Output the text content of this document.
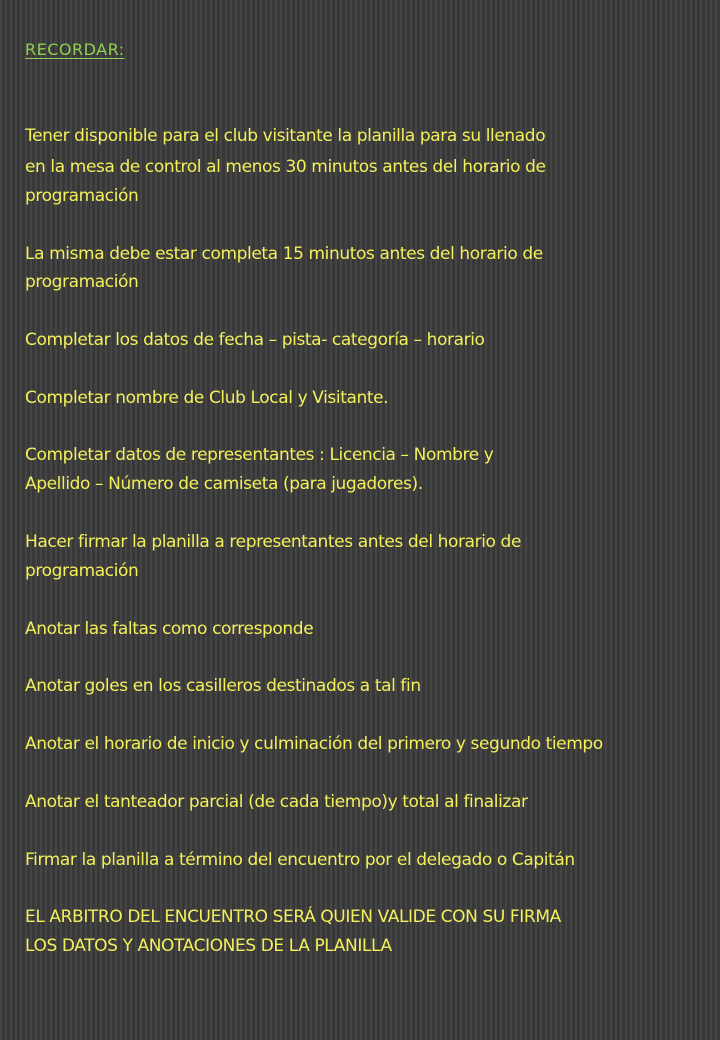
RECORDAR:
Tener disponible para el club visitante la planilla para su llenado
en la mesa de control al menos 30 minutos antes del horario de
programación
La misma debe estar completa 15 minutos antes del horario de
programación
Completar los datos de fecha – pista- categoría – horario
Completar nombre de Club Local y Visitante.
Completar datos de representantes : Licencia – Nombre y
Apellido – Número de camiseta (para jugadores).
Hacer firmar la planilla a representantes antes del horario de
programación
Anotar las faltas como corresponde
Anotar goles en los casilleros destinados a tal fin
Anotar el horario de inicio y culminación del primero y segundo tiempo
Anotar el tanteador parcial (de cada tiempo)y total al finalizar
Firmar la planilla a término del encuentro por el delegado o Capitán
EL ARBITRO DEL ENCUENTRO SERÁ QUIEN VALIDE CON SU FIRMA
LOS DATOS Y ANOTACIONES DE LA PLANILLA
